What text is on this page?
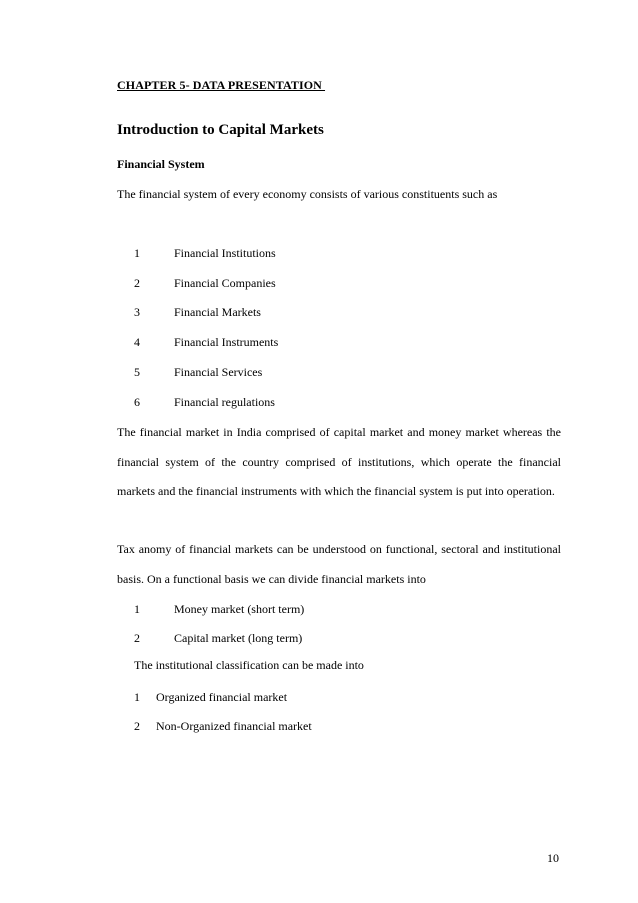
CHAPTER 5- DATA PRESENTATION
Introduction to Capital Markets
Financial System
The financial system of every economy consists of various constituents such as
1	Financial Institutions
2	Financial Companies
3	Financial Markets
4	Financial Instruments
5	Financial Services
6	Financial regulations

The financial market in India comprised of capital market and money market whereas the financial system of the country comprised of institutions, which operate the financial markets and the financial instruments with which the financial system is put into operation.

Tax anomy of financial markets can be understood on functional, sectoral and institutional basis. On a functional basis we can divide financial markets into

1	Money market (short term)
2	Capital market (long term)
The institutional classification can be made into
1	Organized financial market
2	Non-Organized financial market
10
